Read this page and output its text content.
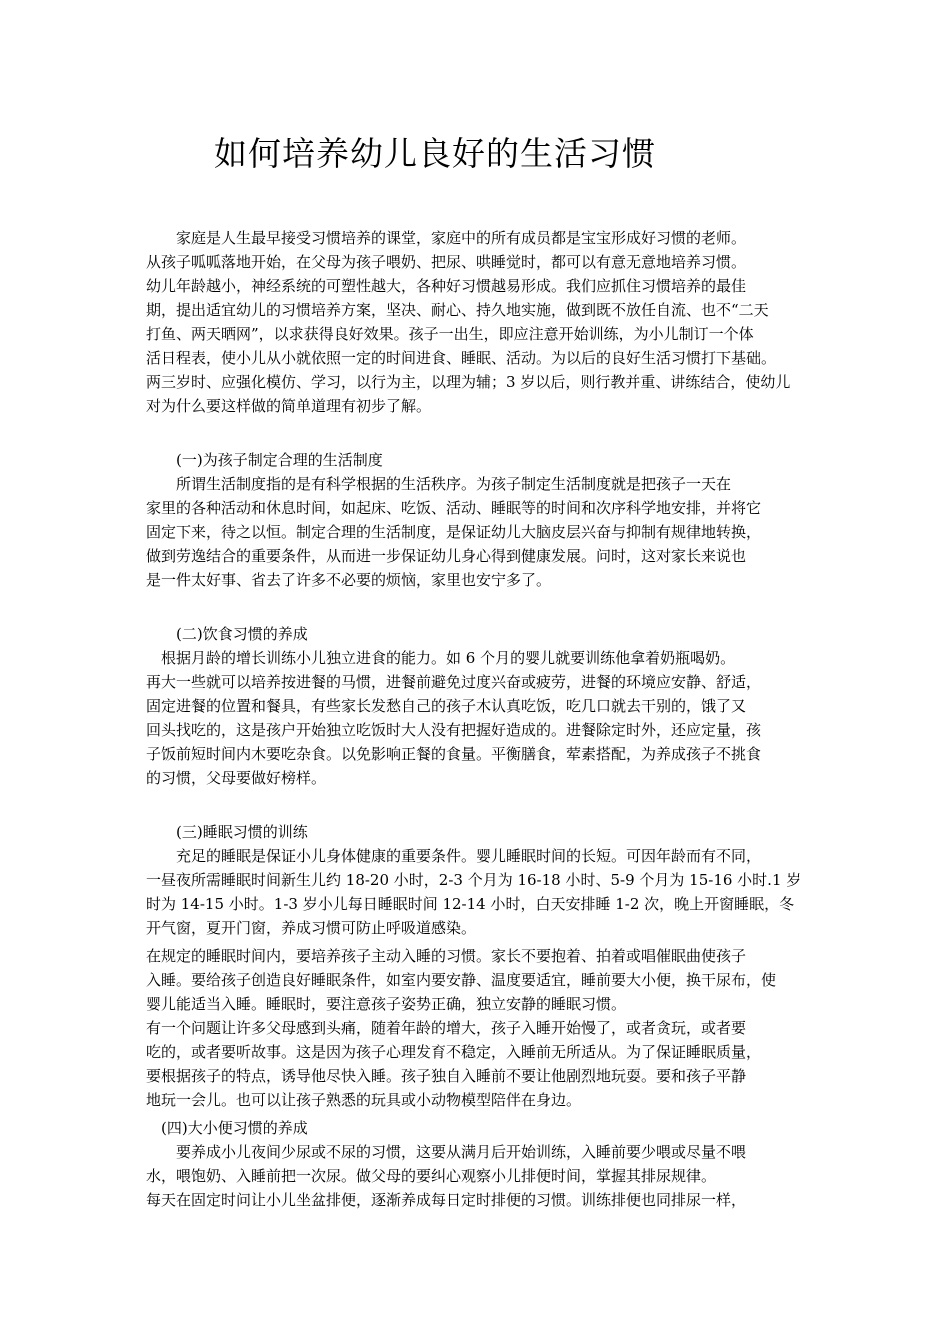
如何培养幼儿良好的生活习惯
　　家庭是人生最早接受习惯培养的课堂，家庭中的所有成员都是宝宝形成好习惯的老师。
从孩子呱呱落地开始，在父母为孩子喂奶、把尿、哄睡觉时，都可以有意无意地培养习惯。
幼儿年龄越小，神经系统的可塑性越大，各种好习惯越易形成。我们应抓住习惯培养的最佳
期，提出适宜幼儿的习惯培养方案，坚决、耐心、持久地实施，做到既不放任自流、也不“二天
打鱼、两天晒网”，以求获得良好效果。孩子一出生，即应注意开始训练，为小儿制订一个体
活日程表，使小儿从小就依照一定的时间进食、睡眠、活动。为以后的良好生活习惯打下基础。
两三岁时、应强化模仿、学习，以行为主，以理为辅；3 岁以后，则行教并重、讲练结合，使幼儿
对为什么要这样做的简单道理有初步了解。
　　(一)为孩子制定合理的生活制度
　　所谓生活制度指的是有科学根据的生活秩序。为孩子制定生活制度就是把孩子一天在
家里的各种活动和休息时间，如起床、吃饭、活动、睡眠等的时间和次序科学地安排，并将它
固定下来，待之以恒。制定合理的生活制度，是保证幼儿大脑皮层兴奋与抑制有规律地转换，
做到劳逸结合的重要条件，从而进一步保证幼儿身心得到健康发展。问时，这对家长来说也
是一件太好事、省去了许多不必要的烦恼，家里也安宁多了。
　　(二)饮食习惯的养成
　根据月龄的增长训练小儿独立进食的能力。如 6 个月的婴儿就要训练他拿着奶瓶喝奶。
再大一些就可以培养按进餐的马惯，进餐前避免过度兴奋或疲劳，进餐的环境应安静、舒适，
固定进餐的位置和餐具，有些家长发愁自己的孩子木认真吃饭，吃几口就去干别的，饿了又
回头找吃的，这是孩户开始独立吃饭时大人没有把握好造成的。进餐除定时外，还应定量，孩
子饭前短时间内木要吃杂食。以免影响正餐的食量。平衡膳食，荤素搭配，为养成孩子不挑食
的习惯，父母要做好榜样。
　　(三)睡眠习惯的训练
　　充足的睡眠是保证小儿身体健康的重要条件。婴儿睡眠时间的长短。可因年龄而有不同，
一昼夜所需睡眠时间新生儿约 18-20 小时，2-3 个月为 16-18 小时、5-9 个月为 15-16 小时.1 岁
时为 14-15 小时。1-3 岁小儿每日睡眠时间 12-14 小时，白天安排睡 1-2 次，晚上开窗睡眠，冬
开气窗，夏开门窗，养成习惯可防止呼吸道感染。
在规定的睡眠时间内，要培养孩子主动入睡的习惯。家长不要抱着、拍着或唱催眠曲使孩子
入睡。要给孩子创造良好睡眠条件，如室内要安静、温度要适宜，睡前要大小便，换干尿布，使
婴儿能适当入睡。睡眠时，要注意孩子姿势正确，独立安静的睡眠习惯。
有一个问题让许多父母感到头痛，随着年龄的增大，孩子入睡开始慢了，或者贪玩，或者要
吃的，或者要听故事。这是因为孩子心理发育不稳定，入睡前无所适从。为了保证睡眠质量，
要根据孩子的特点，诱导他尽快入睡。孩子独自入睡前不要让他剧烈地玩耍。要和孩子平静
地玩一会儿。也可以让孩子熟悉的玩具或小动物模型陪伴在身边。
　(四)大小便习惯的养成
　　要养成小儿夜间少尿或不尿的习惯，这要从满月后开始训练，入睡前要少喂或尽量不喂
水，喂饱奶、入睡前把一次尿。做父母的要纠心观察小儿排便时间，掌握其排尿规律。
每天在固定时问让小儿坐盆排便，逐渐养成每日定时排便的习惯。训练排便也同排尿一样，
